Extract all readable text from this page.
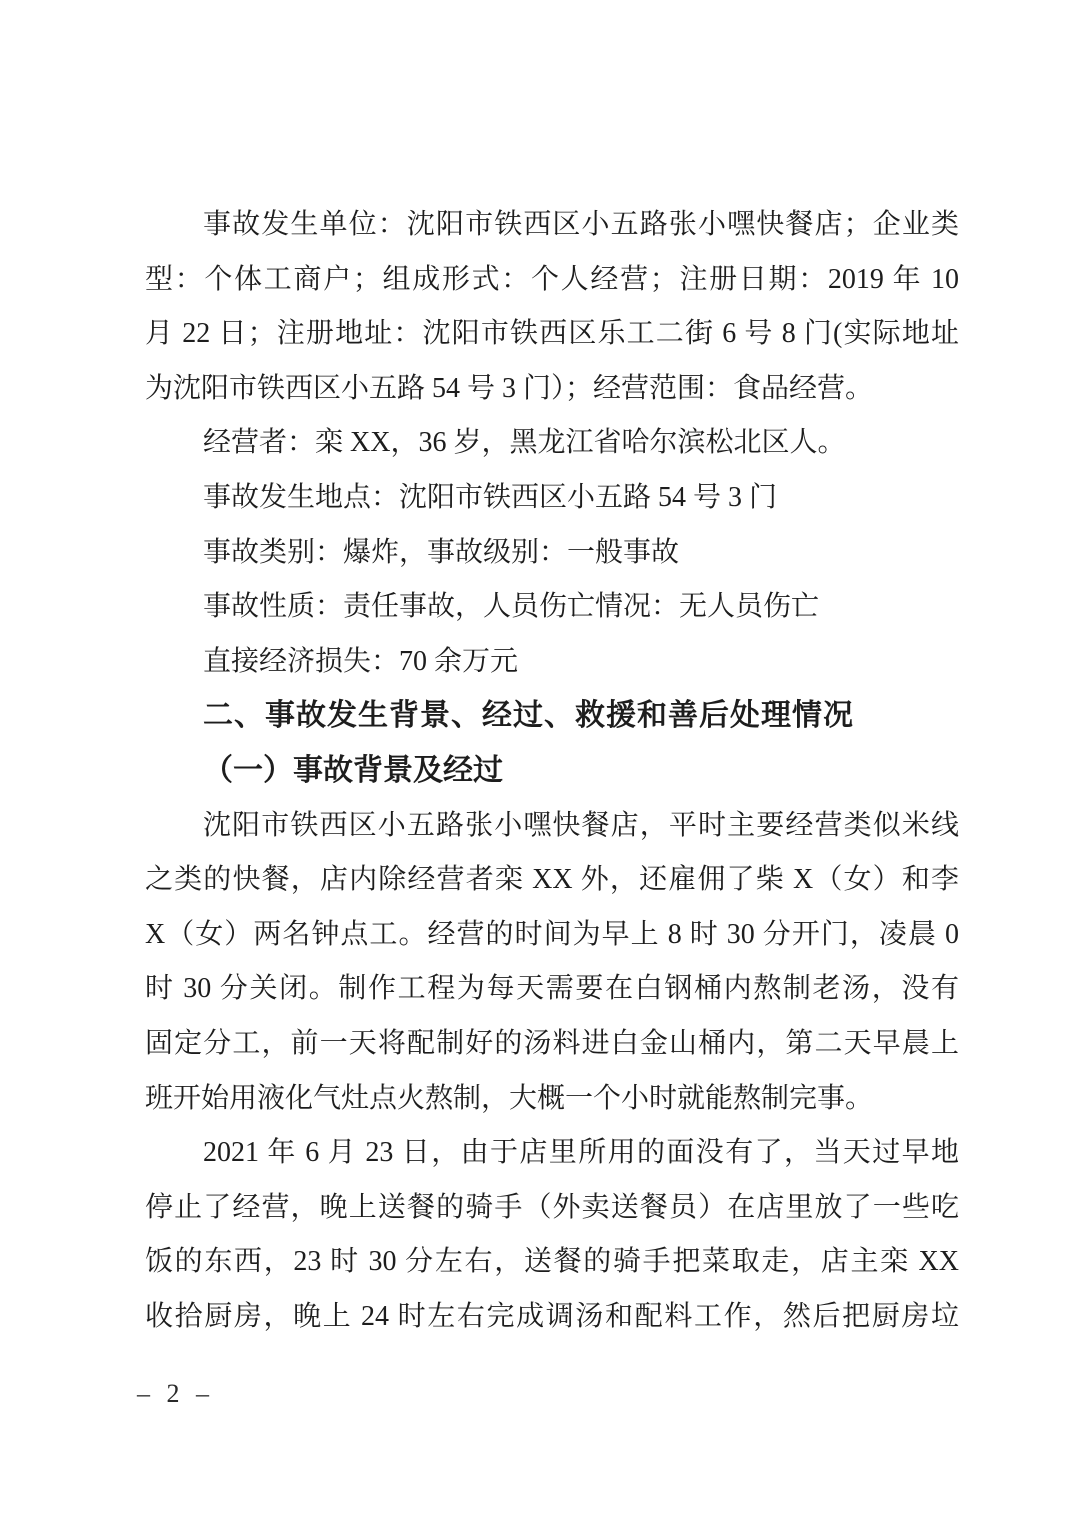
事故发生单位：沈阳市铁西区小五路张小嘿快餐店；企业类

型：个体工商户；组成形式：个人经营；注册日期：2019 年 10

月 22 日；注册地址：沈阳市铁西区乐工二街 6 号 8 门(实际地址

为沈阳市铁西区小五路 54 号 3 门）；经营范围：食品经营。

经营者：栾 XX，36 岁，黑龙江省哈尔滨松北区人。

事故发生地点：沈阳市铁西区小五路 54 号 3 门

事故类别：爆炸，事故级别：一般事故

事故性质：责任事故，人员伤亡情况：无人员伤亡

直接经济损失：70 余万元

二、事故发生背景、经过、救援和善后处理情况
（一）事故背景及经过

沈阳市铁西区小五路张小嘿快餐店，平时主要经营类似米线

之类的快餐，店内除经营者栾 XX 外，还雇佣了柴 X（女）和李

X（女）两名钟点工。经营的时间为早上 8 时 30 分开门，凌晨 0

时 30 分关闭。制作工程为每天需要在白钢桶内熬制老汤，没有

固定分工，前一天将配制好的汤料进白金山桶内，第二天早晨上

班开始用液化气灶点火熬制，大概一个小时就能熬制完事。

2021 年 6 月 23 日，由于店里所用的面没有了，当天过早地

停止了经营，晚上送餐的骑手（外卖送餐员）在店里放了一些吃

饭的东西，23 时 30 分左右，送餐的骑手把菜取走，店主栾 XX

收拾厨房，晚上 24 时左右完成调汤和配料工作，然后把厨房垃

– 2 –
